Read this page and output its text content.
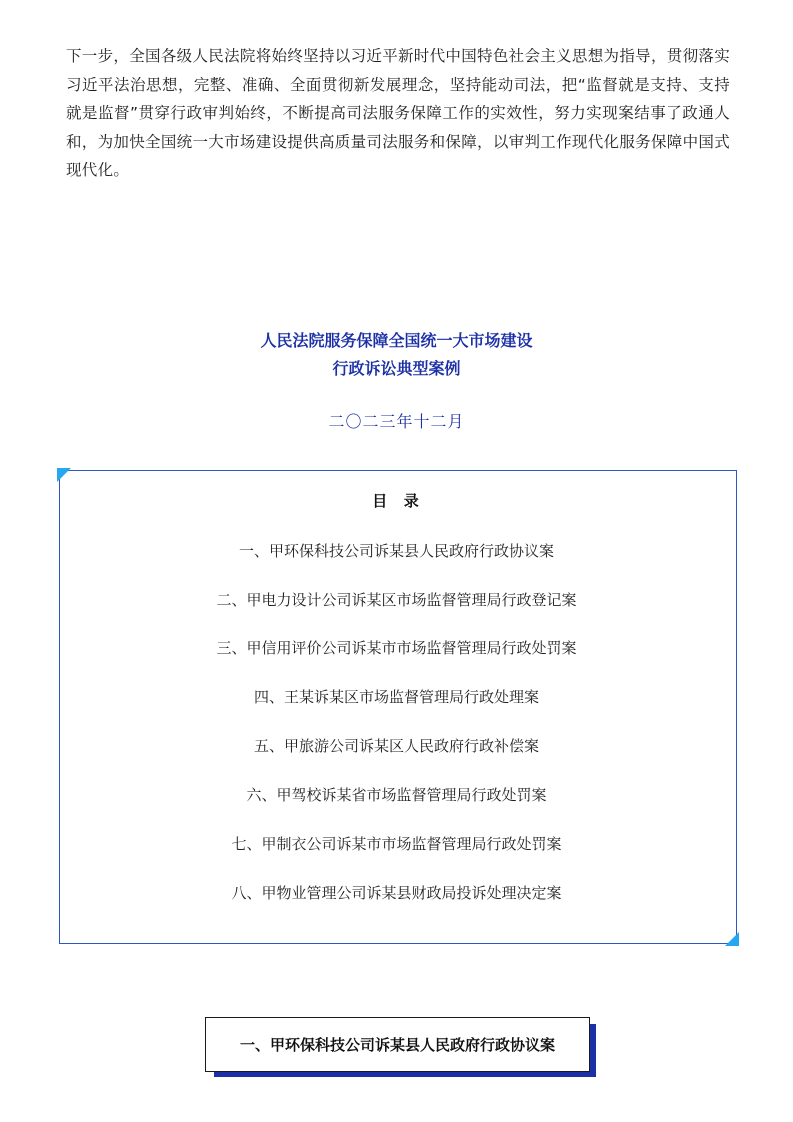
下一步，全国各级人民法院将始终坚持以习近平新时代中国特色社会主义思想为指导，贯彻落实习近平法治思想，完整、准确、全面贯彻新发展理念，坚持能动司法，把“监督就是支持、支持就是监督”贯穿行政审判始终，不断提高司法服务保障工作的实效性，努力实现案结事了政通人和，为加快全国统一大市场建设提供高质量司法服务和保障，以审判工作现代化服务保障中国式现代化。
人民法院服务保障全国统一大市场建设
行政诉讼典型案例
二〇二三年十二月
目  录
一、甲环保科技公司诉某县人民政府行政协议案
二、甲电力设计公司诉某区市场监督管理局行政登记案
三、甲信用评价公司诉某市市场监督管理局行政处罚案
四、王某诉某区市场监督管理局行政处理案
五、甲旅游公司诉某区人民政府行政补偿案
六、甲驾校诉某省市场监督管理局行政处罚案
七、甲制衣公司诉某市市场监督管理局行政处罚案
八、甲物业管理公司诉某县财政局投诉处理决定案
一、甲环保科技公司诉某县人民政府行政协议案
